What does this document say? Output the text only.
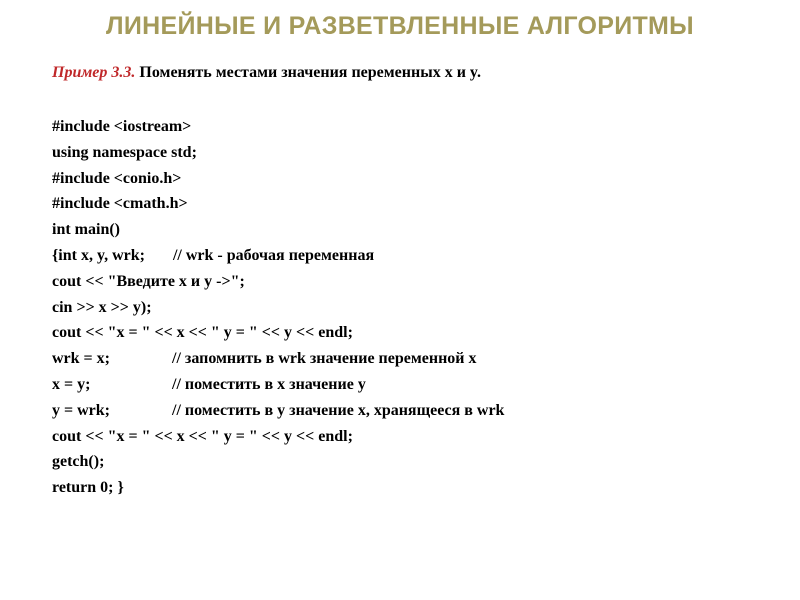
ЛИНЕЙНЫЕ И РАЗВЕТВЛЕННЫЕ АЛГОРИТМЫ
Пример 3.3. Поменять местами значения переменных x и y.
#include <iostream>
using namespace std;
#include <conio.h>
#include <cmath.h>
int main()
{int x, y, wrk; // wrk - рабочая переменная
cout << "Введите x и y ->";
cin >> x >> y);
cout << "x = " << x << " y = " << y << endl;
wrk = x;	// запомнить в wrk значение переменной x
x = y;	// поместить в x значение y
y = wrk;	// поместить в y значение x, хранящееся в wrk
cout << "x = " << x << " y = " << y << endl;
getch();
return 0; }
